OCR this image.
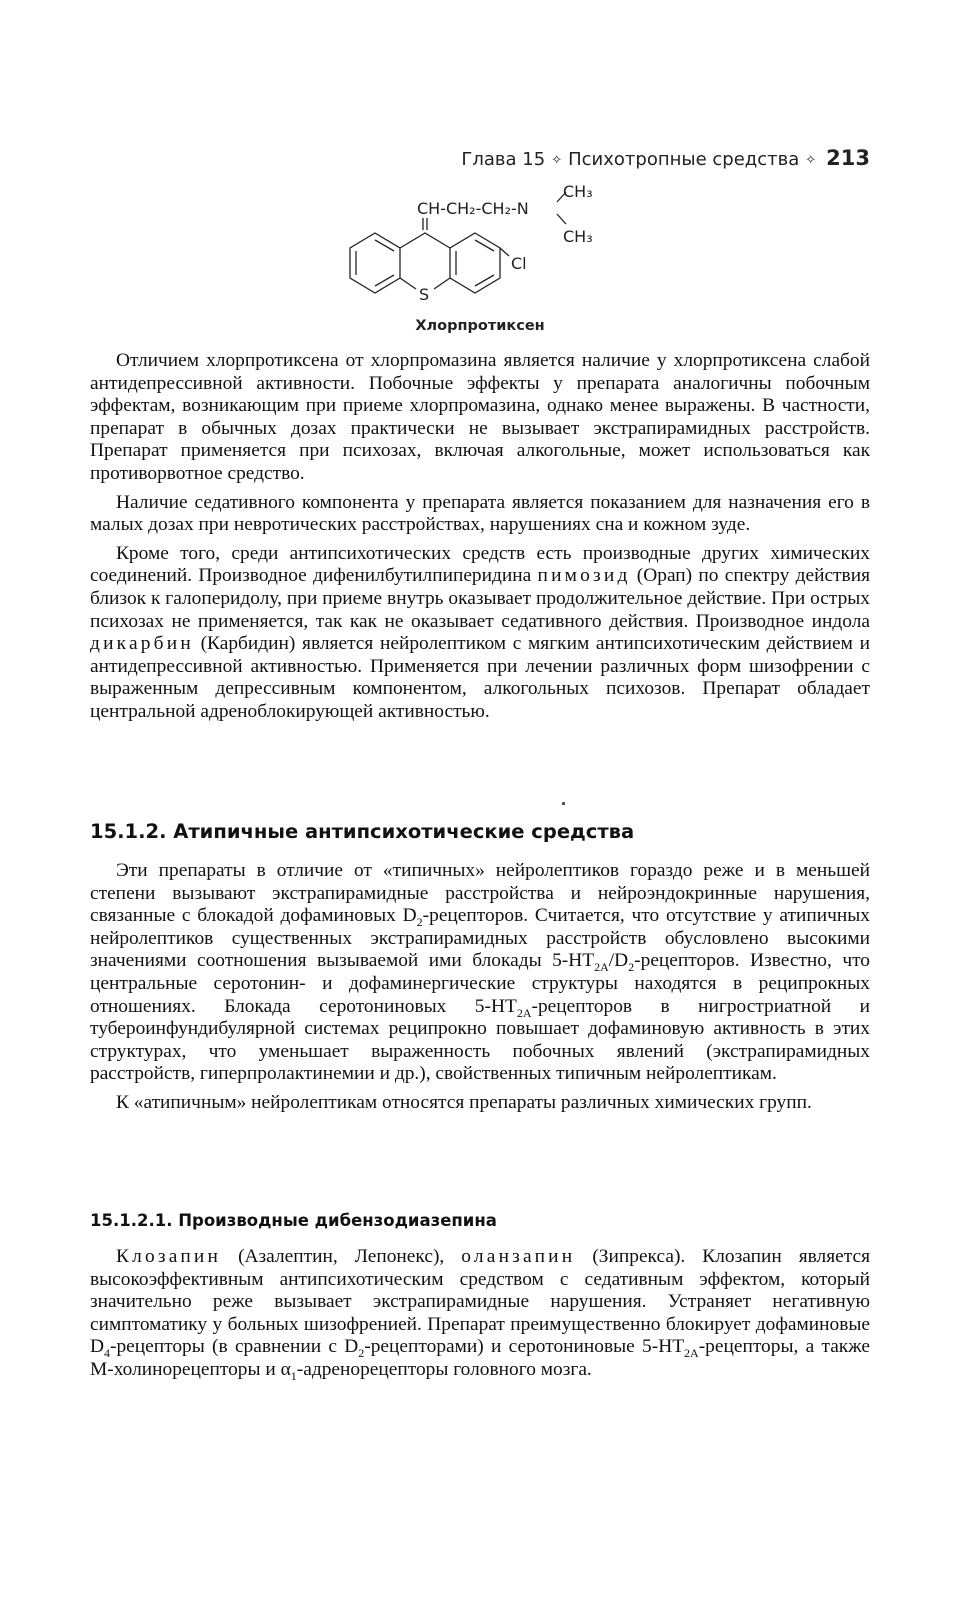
Глава 15 ✧ Психотропные средства ✧ 213
CH-CH₂-CH₂-N
CH₃
CH₃
Cl
S
Хлорпротиксен

Отличием хлорпротиксена от хлорпромазина является наличие у хлорпротиксена слабой антидепрессивной активности. Побочные эффекты у препарата аналогичны побочным эффектам, возникающим при приеме хлорпромазина, однако менее выражены. В частности, препарат в обычных дозах практически не вызывает экстрапирамидных расстройств. Препарат применяется при психозах, включая алкогольные, может использоваться как противорвотное средство.

Наличие седативного компонента у препарата является показанием для назначения его в малых дозах при невротических расстройствах, нарушениях сна и кожном зуде.

Кроме того, среди антипсихотических средств есть производные других химических соединений. Производное дифенилбутилпиперидина пимозид (Орап) по спектру действия близок к галоперидолу, при приеме внутрь оказывает продолжительное действие. При острых психозах не применяется, так как не оказывает седативного действия. Производное индола дикарбин (Карбидин) является нейролептиком с мягким антипсихотическим действием и антидепрессивной активностью. Применяется при лечении различных форм шизофрении с выраженным депрессивным компонентом, алкогольных психозов. Препарат обладает центральной адреноблокирующей активностью.

15.1.2. Атипичные антипсихотические средства

Эти препараты в отличие от «типичных» нейролептиков гораздо реже и в меньшей степени вызывают экстрапирамидные расстройства и нейроэндокринные нарушения, связанные с блокадой дофаминовых $D_2$-рецепторов. Считается, что отсутствие у атипичных нейролептиков существенных экстрапирамидных расстройств обусловлено высокими значениями соотношения вызываемой ими блокады $5-HT_{2A}/D_2$-рецепторов. Известно, что центральные серотонин- и дофаминергические структуры находятся в реципрокных отношениях. Блокада серотониновых $5-HT_{2A}$-рецепторов в нигростриатной и тубероинфундибулярной системах реципрокно повышает дофаминовую активность в этих структурах, что уменьшает выраженность побочных явлений (экстрапирамидных расстройств, гиперпролактинемии и др.), свойственных типичным нейролептикам.

К «атипичным» нейролептикам относятся препараты различных химических групп.

15.1.2.1. Производные дибензодиазепина

Клозапин (Азалептин, Лепонекс), оланзапин (Зипрекса). Клозапин является высокоэффективным антипсихотическим средством с седативным эффектом, который значительно реже вызывает экстрапирамидные нарушения. Устраняет негативную симптоматику у больных шизофренией. Препарат преимущественно блокирует дофаминовые $D_4$-рецепторы (в сравнении с $D_2-рецепторами$) и серотониновые $5-HT_{2A}$-рецепторы, а также М-холинорецепторы и $\alpha_1$-адренорецепторы головного мозга.
